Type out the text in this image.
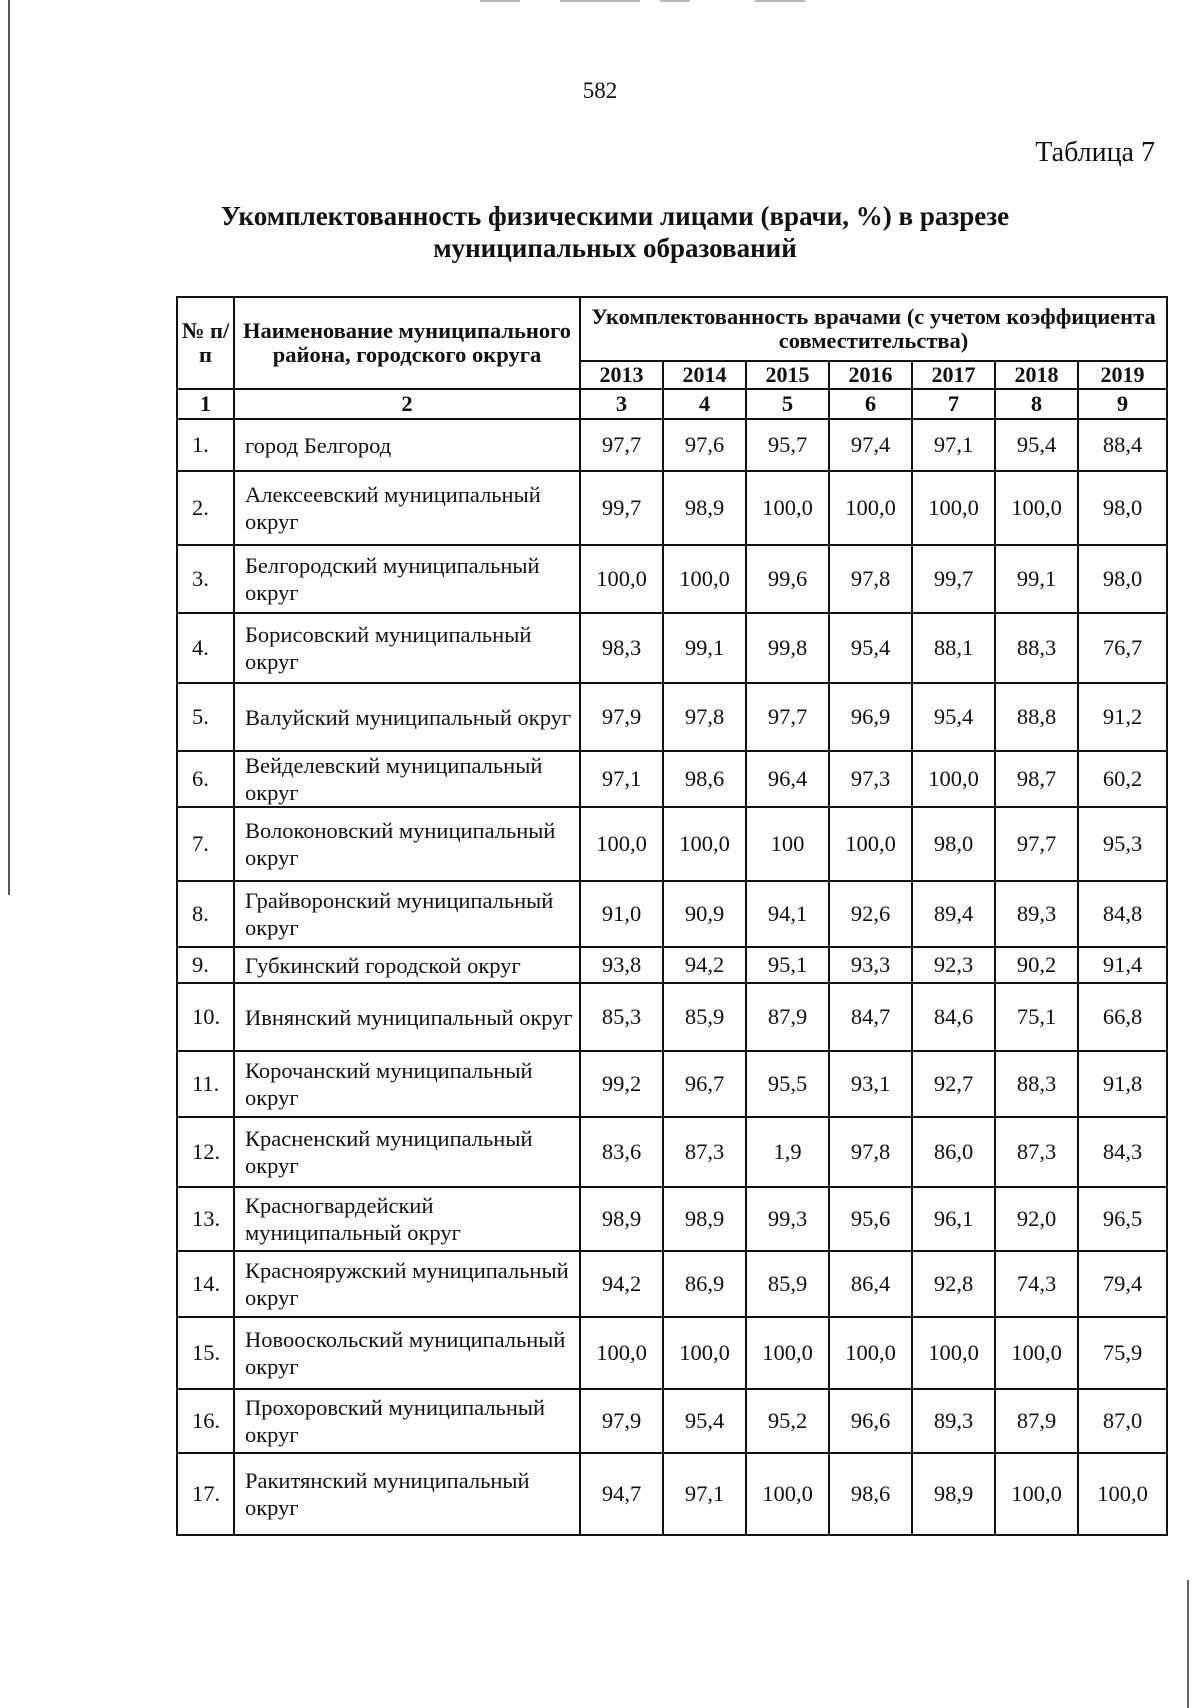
582
Таблица 7
Укомплектованность физическими лицами (врачи, %) в разрезе
муниципальных образований
№ п/п	Наименование муниципального района, городского округа	Укомплектованность врачами (с учетом коэффициента совместительства)						
		2013	2014	2015	2016	2017	2018	2019
1	2	3	4	5	6	7	8	9
1.	город Белгород	97,7	97,6	95,7	97,4	97,1	95,4	88,4
2.	Алексеевский муниципальный округ	99,7	98,9	100,0	100,0	100,0	100,0	98,0
3.	Белгородский муниципальный округ	100,0	100,0	99,6	97,8	99,7	99,1	98,0
4.	Борисовский муниципальный округ	98,3	99,1	99,8	95,4	88,1	88,3	76,7
5.	Валуйский муниципальный округ	97,9	97,8	97,7	96,9	95,4	88,8	91,2
6.	Вейделевский муниципальный округ	97,1	98,6	96,4	97,3	100,0	98,7	60,2
7.	Волоконовский муниципальный округ	100,0	100,0	100	100,0	98,0	97,7	95,3
8.	Грайворонский муниципальный округ	91,0	90,9	94,1	92,6	89,4	89,3	84,8
9.	Губкинский городской округ	93,8	94,2	95,1	93,3	92,3	90,2	91,4
10.	Ивнянский муниципальный округ	85,3	85,9	87,9	84,7	84,6	75,1	66,8
11.	Корочанский муниципальный округ	99,2	96,7	95,5	93,1	92,7	88,3	91,8
12.	Красненский муниципальный округ	83,6	87,3	1,9	97,8	86,0	87,3	84,3
13.	Красногвардейский муниципальный округ	98,9	98,9	99,3	95,6	96,1	92,0	96,5
14.	Краснояружский муниципальный округ	94,2	86,9	85,9	86,4	92,8	74,3	79,4
15.	Новооскольский муниципальный округ	100,0	100,0	100,0	100,0	100,0	100,0	75,9
16.	Прохоровский муниципальный округ	97,9	95,4	95,2	96,6	89,3	87,9	87,0
17.	Ракитянский муниципальный округ	94,7	97,1	100,0	98,6	98,9	100,0	100,0
